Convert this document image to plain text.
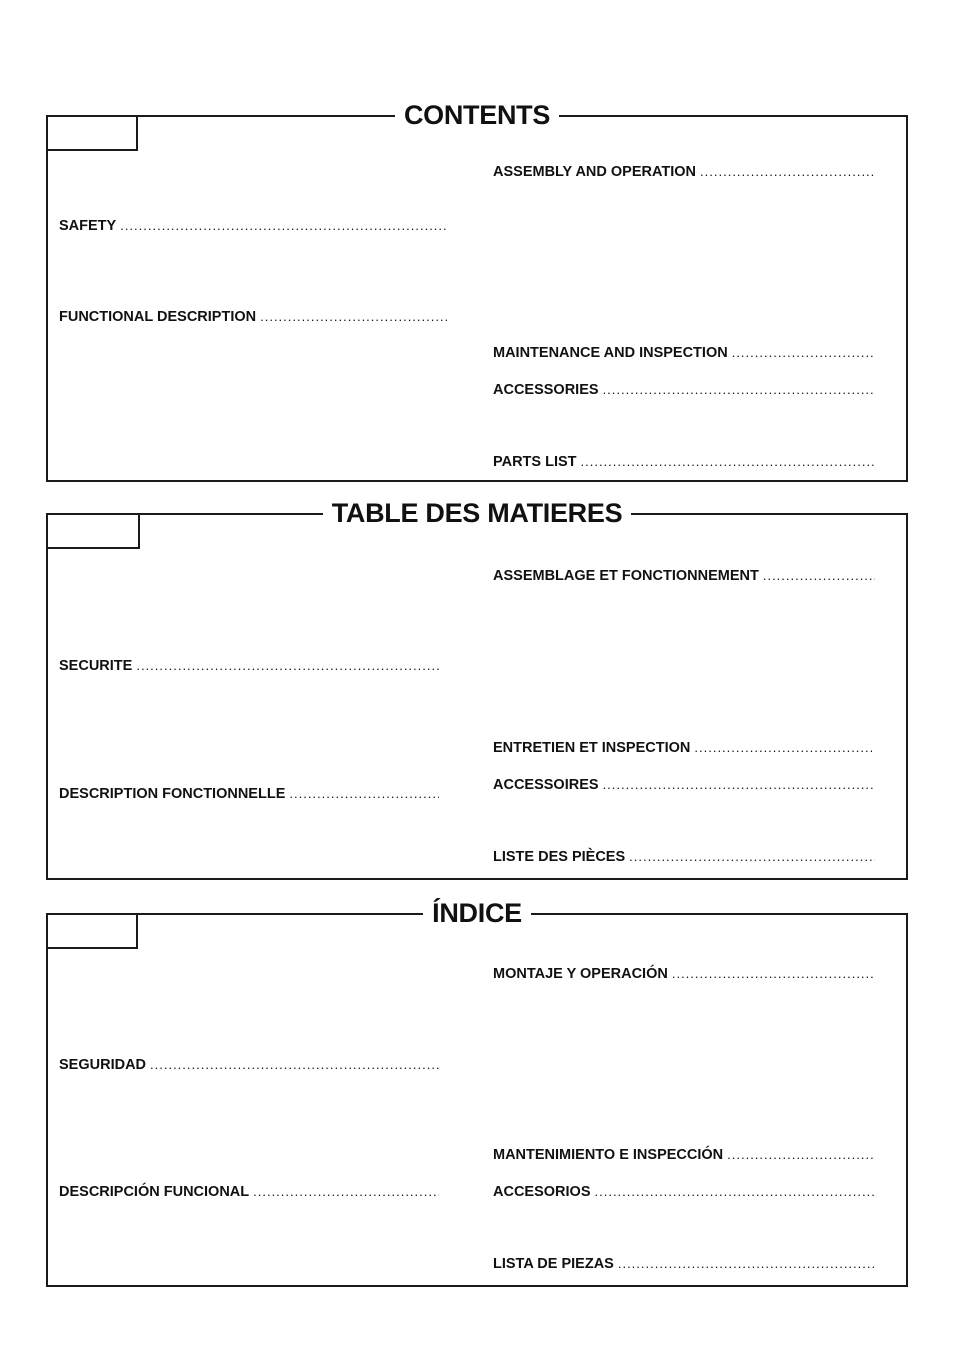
CONTENTS
ASSEMBLY AND OPERATION
.....
SAFETY
.....
FUNCTIONAL DESCRIPTION
.....
MAINTENANCE AND INSPECTION
.....
ACCESSORIES
.....
PARTS LIST
.....
TABLE DES MATIERES
ASSEMBLAGE ET FONCTIONNEMENT
.....
SECURITE
.....
ENTRETIEN ET INSPECTION
.....
ACCESSOIRES
.....
DESCRIPTION FONCTIONNELLE
.....
LISTE DES PIÈCES
.....
ÍNDICE
MONTAJE Y OPERACIÓN
.....
SEGURIDAD
.....
MANTENIMIENTO E INSPECCIÓN
.....
DESCRIPCIÓN FUNCIONAL
.....	ACCESORIOS
.....
LISTA DE PIEZAS
.....
